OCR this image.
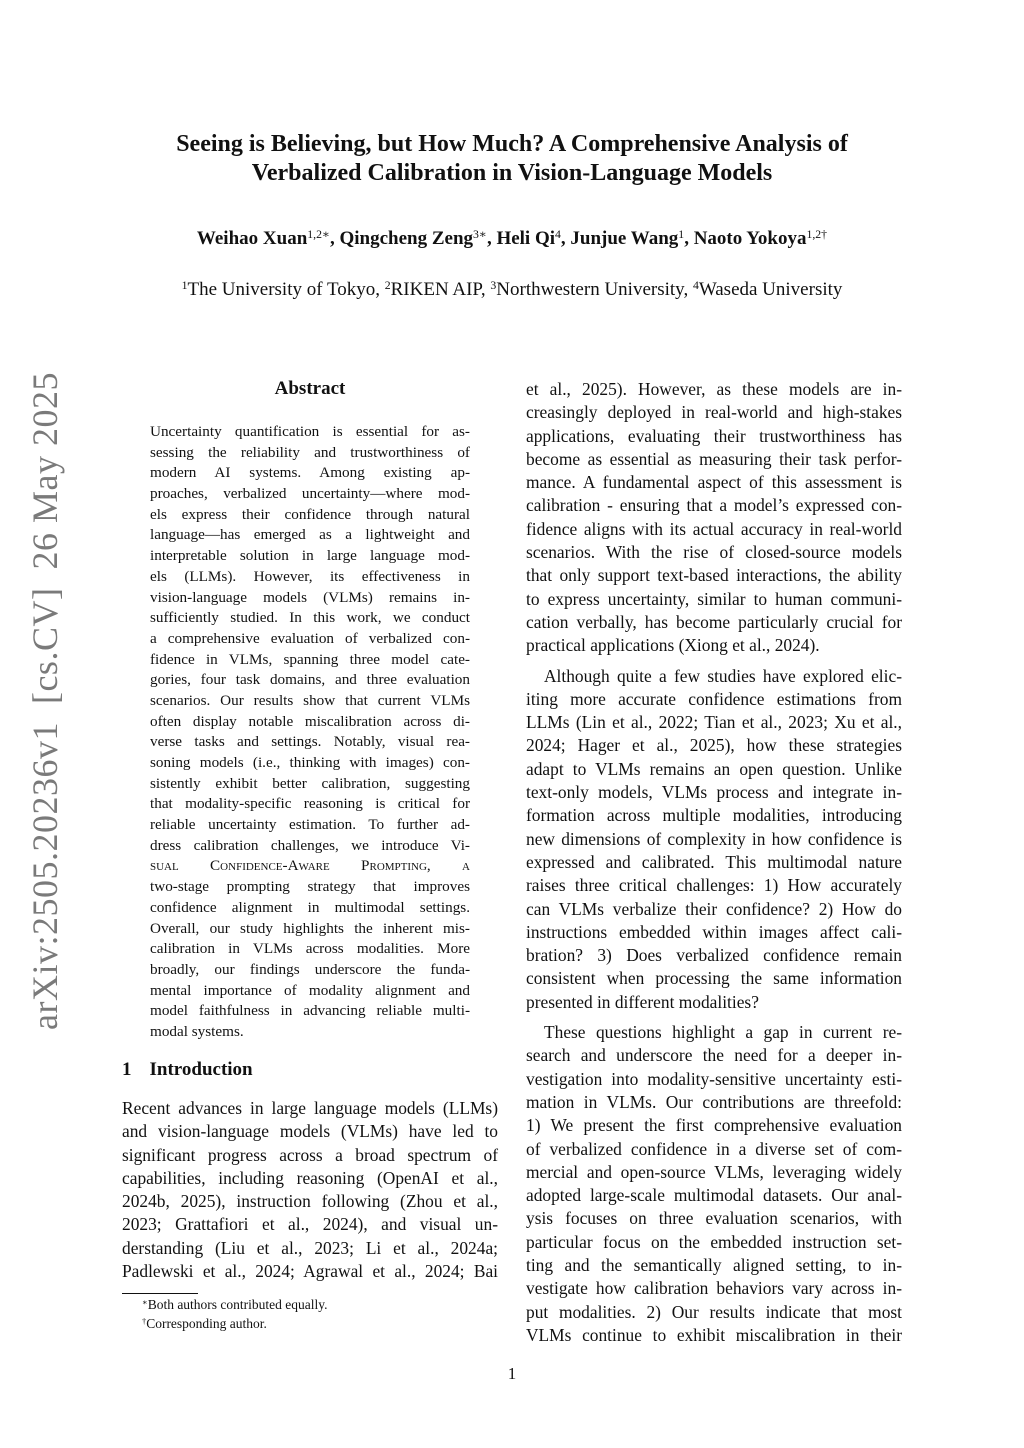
Seeing is Believing, but How Much? A Comprehensive Analysis of
Verbalized Calibration in Vision-Language Models
Weihao Xuan$^{1,2∗}$, Qingcheng Zeng$^{3∗}$, Heli Qi$^4$, Junjue Wang$^1$, Naoto Yokoya$^{1,2\dagger}$
$^1$The University of Tokyo, $^2$RIKEN AIP, $^3$Northwestern University, $^4$Waseda University
arXiv:2505.20236v1[cs.CV]26 May 2025	Abstract
Uncertainty quantification is essential for as-
sessing the reliability and trustworthiness of
modern AI systems. Among existing ap-
proaches, verbalized uncertainty—where mod-
els express their confidence through natural
language—has emerged as a lightweight and
interpretable solution in large language mod-
els (LLMs). However, its effectiveness in
vision-language models (VLMs) remains in-
sufficiently studied. In this work, we conduct
a comprehensive evaluation of verbalized con-
fidence in VLMs, spanning three model cate-
gories, four task domains, and three evaluation
scenarios. Our results show that current VLMs
often display notable miscalibration across di-
verse tasks and settings. Notably, visual rea-
soning models (i.e., thinking with images) con-
sistently exhibit better calibration, suggesting
that modality-specific reasoning is critical for
reliable uncertainty estimation. To further ad-
dress calibration challenges, we introduce Vi-
sual Confidence-Aware Prompting, a
two-stage prompting strategy that improves
confidence alignment in multimodal settings.
Overall, our study highlights the inherent mis-
calibration in VLMs across modalities. More
broadly, our findings underscore the funda-
mental importance of modality alignment and
model faithfulness in advancing reliable multi-
modal systems.
1 Introduction
Recent advances in large language models (LLMs)
and vision-language models (VLMs) have led to
significant progress across a broad spectrum of
capabilities, including reasoning (OpenAI et al.,
2024b, 2025), instruction following (Zhou et al.,
2023; Grattafiori et al., 2024), and visual un-
derstanding (Liu et al., 2023; Li et al., 2024a;
Padlewski et al., 2024; Agrawal et al., 2024; Bai
et al., 2025). However, as these models are in-
creasingly deployed in real-world and high-stakes
applications, evaluating their trustworthiness has
become as essential as measuring their task perfor-
mance. A fundamental aspect of this assessment is
calibration - ensuring that a model’s expressed con-
fidence aligns with its actual accuracy in real-world
scenarios. With the rise of closed-source models
that only support text-based interactions, the ability
to express uncertainty, similar to human communi-
cation verbally, has become particularly crucial for
practical applications (Xiong et al., 2024).
Although quite a few studies have explored elic-
iting more accurate confidence estimations from
LLMs (Lin et al., 2022; Tian et al., 2023; Xu et al.,
2024; Hager et al., 2025), how these strategies
adapt to VLMs remains an open question. Unlike
text-only models, VLMs process and integrate in-
formation across multiple modalities, introducing
new dimensions of complexity in how confidence is
expressed and calibrated. This multimodal nature
raises three critical challenges: 1) How accurately
can VLMs verbalize their confidence? 2) How do
instructions embedded within images affect cali-
bration? 3) Does verbalized confidence remain
consistent when processing the same information
presented in different modalities?
These questions highlight a gap in current re-
search and underscore the need for a deeper in-
vestigation into modality-sensitive uncertainty esti-
mation in VLMs. Our contributions are threefold:
1) We present the first comprehensive evaluation
of verbalized confidence in a diverse set of com-
mercial and open-source VLMs, leveraging widely
adopted large-scale multimodal datasets. Our anal-
ysis focuses on three evaluation scenarios, with
particular focus on the embedded instruction set-
ting and the semantically aligned setting, to in-
vestigate how calibration behaviors vary across in-
put modalities. 2) Our results indicate that most
VLMs continue to exhibit miscalibration in their
∗Both authors contributed equally.
†Corresponding author.
1
